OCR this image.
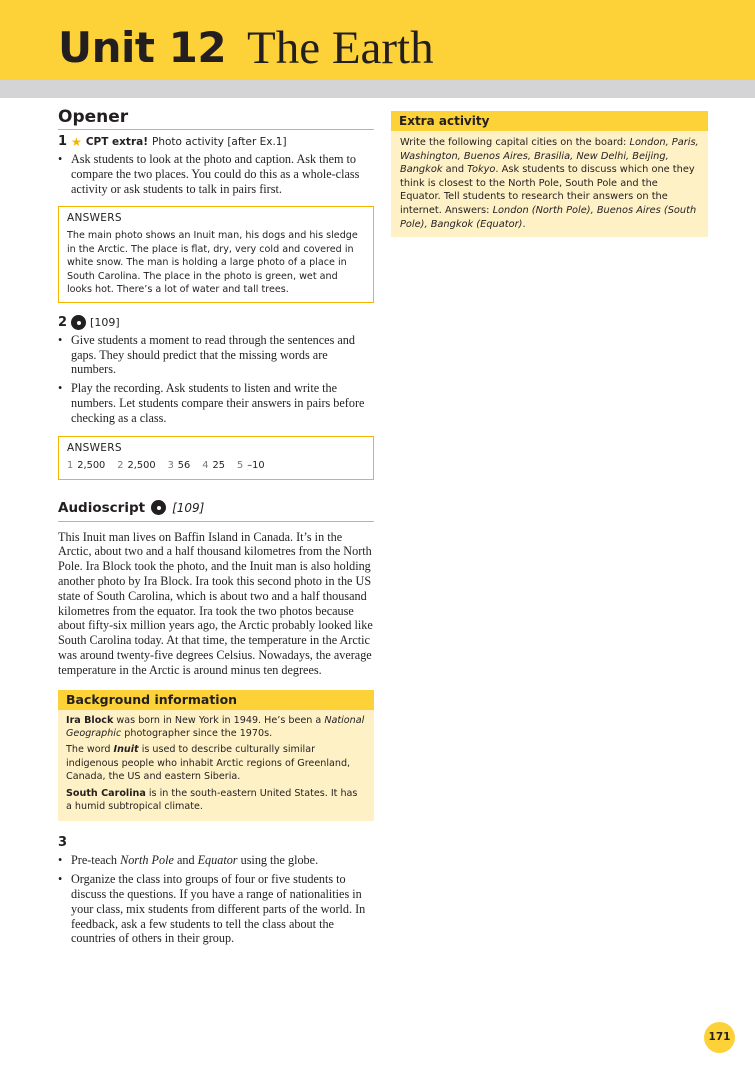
Unit 12 The Earth
Opener
1 ★ CPT extra! Photo activity [after Ex.1]
• Ask students to look at the photo and caption. Ask them to compare the two places. You could do this as a whole-class activity or ask students to talk in pairs first.
ANSWERS
The main photo shows an Inuit man, his dogs and his sledge in the Arctic. The place is flat, dry, very cold and covered in white snow. The man is holding a large photo of a place in South Carolina. The place in the photo is green, wet and looks hot. There’s a lot of water and tall trees.
2 [109]
• Give students a moment to read through the sentences and gaps. They should predict that the missing words are numbers.
• Play the recording. Ask students to listen and write the numbers. Let students compare their answers in pairs before checking as a class.
ANSWERS
1 2,500 2 2,500 3 56 4 25 5 –10
Audioscript [109]

This Inuit man lives on Baffin Island in Canada. It’s in the Arctic, about two and a half thousand kilometres from the North Pole. Ira Block took the photo, and the Inuit man is also holding another photo by Ira Block. Ira took this second photo in the US state of South Carolina, which is about two and a half thousand kilometres from the equator. Ira took the two photos because about fifty-six million years ago, the Arctic probably looked like South Carolina today. At that time, the temperature in the Arctic was around twenty-five degrees Celsius. Nowadays, the average temperature in the Arctic is around minus ten degrees.

Background information

Ira Block was born in New York in 1949. He’s been a National Geographic photographer since the 1970s.

The word Inuit is used to describe culturally similar indigenous people who inhabit Arctic regions of Greenland, Canada, the US and eastern Siberia.

South Carolina is in the south-eastern United States. It has a humid subtropical climate.

3
• Pre-teach North Pole and Equator using the globe.
• Organize the class into groups of four or five students to discuss the questions. If you have a range of nationalities in your class, mix students from different parts of the world. In feedback, ask a few students to tell the class about the countries of others in their group.
Extra activity
Write the following capital cities on the board: London, Paris, Washington, Buenos Aires, Brasilia, New Delhi, Beijing, Bangkok and Tokyo. Ask students to discuss which one they think is closest to the North Pole, South Pole and the Equator. Tell students to research their answers on the internet. Answers: London (North Pole), Buenos Aires (South Pole), Bangkok (Equator).
171
